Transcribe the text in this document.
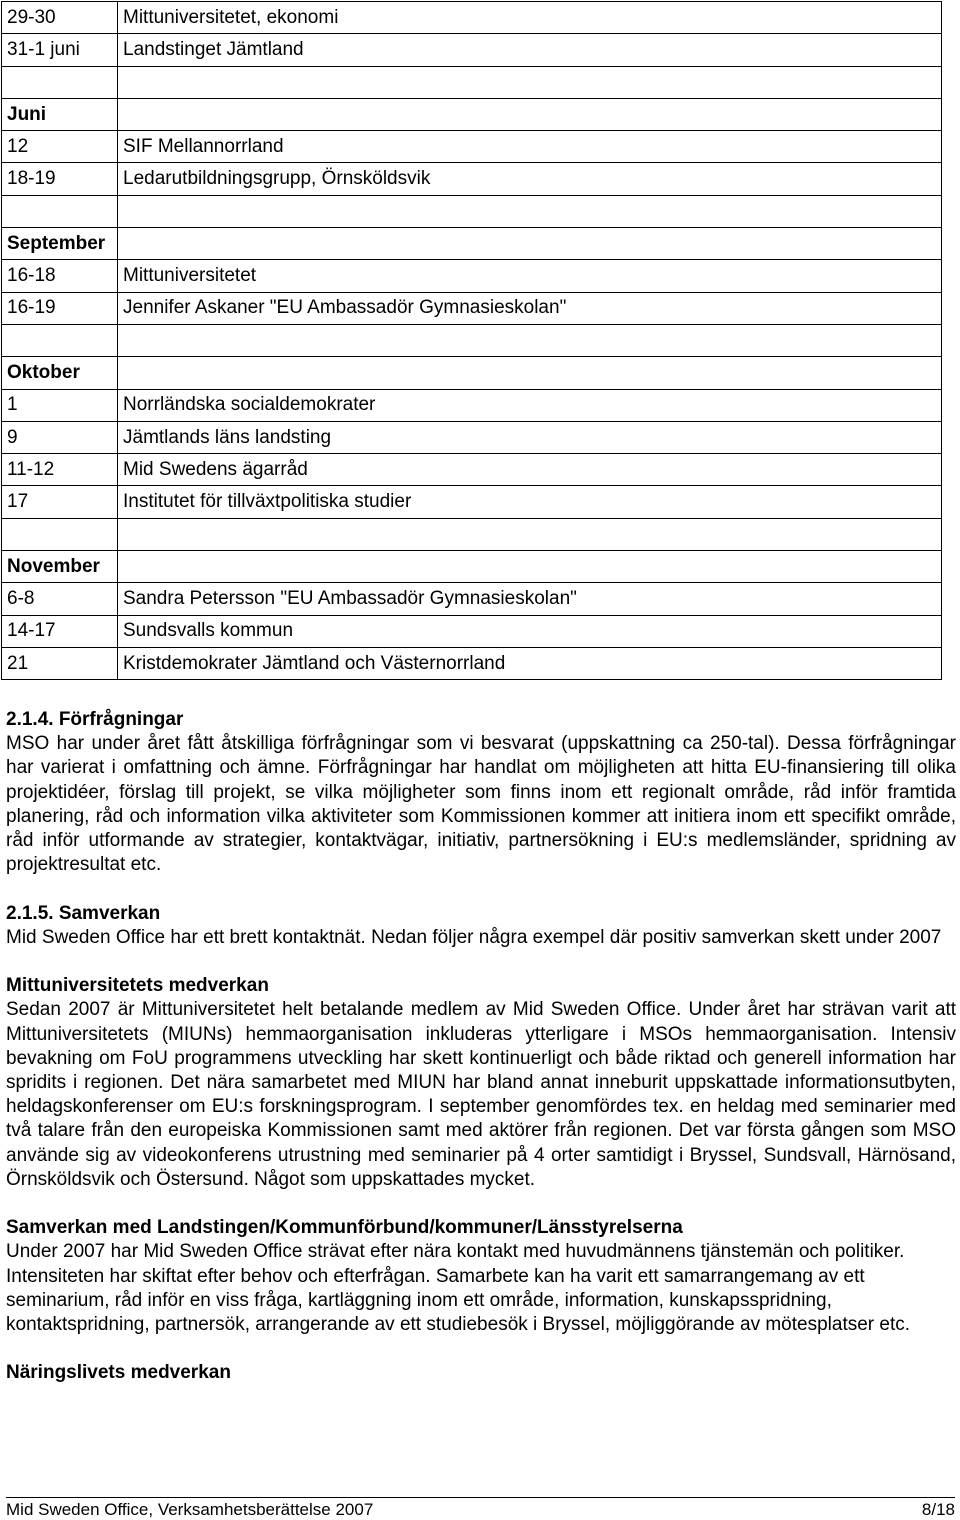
29-30	Mittuniversitetet, ekonomi
31-1 juni	Landstinget Jämtland

Juni	
12	SIF Mellannorrland
18-19	Ledarutbildningsgrupp, Örnsköldsvik

September	
16-18	Mittuniversitetet
16-19	Jennifer Askaner "EU Ambassadör Gymnasieskolan"

Oktober	
1	Norrländska socialdemokrater
9	Jämtlands läns landsting
11-12	Mid Swedens ägarråd
17	Institutet för tillväxtpolitiska studier

November	
6-8	Sandra Petersson "EU Ambassadör Gymnasieskolan"
14-17	Sundsvalls kommun
21	Kristdemokrater Jämtland och Västernorrland

2.1.4. Förfrågningar

MSO har under året fått åtskilliga förfrågningar som vi besvarat (uppskattning ca 250-tal). Dessa förfrågningar har varierat i omfattning och ämne. Förfrågningar har handlat om möjligheten att hitta EU-finansiering till olika projektidéer, förslag till projekt, se vilka möjligheter som finns inom ett regionalt område, råd inför framtida planering, råd och information vilka aktiviteter som Kommissionen kommer att initiera inom ett specifikt område, råd inför utformande av strategier, kontaktvägar, initiativ, partnersökning i EU:s medlemsländer, spridning av projektresultat etc.

2.1.5. Samverkan

Mid Sweden Office har ett brett kontaktnät. Nedan följer några exempel där positiv samverkan skett under 2007

Mittuniversitetets medverkan

Sedan 2007 är Mittuniversitetet helt betalande medlem av Mid Sweden Office. Under året har strävan varit att Mittuniversitetets (MIUNs) hemmaorganisation inkluderas ytterligare i MSOs hemmaorganisation. Intensiv bevakning om FoU programmens utveckling har skett kontinuerligt och både riktad och generell information har spridits i regionen. Det nära samarbetet med MIUN har bland annat inneburit uppskattade informationsutbyten, heldagskonferenser om EU:s forskningsprogram. I september genomfördes tex. en heldag med seminarier med två talare från den europeiska Kommissionen samt med aktörer från regionen. Det var första gången som MSO använde sig av videokonferens utrustning med seminarier på 4 orter samtidigt i Bryssel, Sundsvall, Härnösand, Örnsköldsvik och Östersund. Något som uppskattades mycket.

Samverkan med Landstingen/Kommunförbund/kommuner/Länsstyrelserna

Under 2007 har Mid Sweden Office strävat efter nära kontakt med huvudmännens tjänstemän och politiker. Intensiteten har skiftat efter behov och efterfrågan. Samarbete kan ha varit ett samarrangemang av ett seminarium, råd inför en viss fråga, kartläggning inom ett område, information, kunskapsspridning, kontaktspridning, partnersök, arrangerande av ett studiebesök i Bryssel, möjliggörande av mötesplatser etc.

Näringslivets medverkan

Mid Sweden Office, Verksamhetsberättelse 2007	8/18
